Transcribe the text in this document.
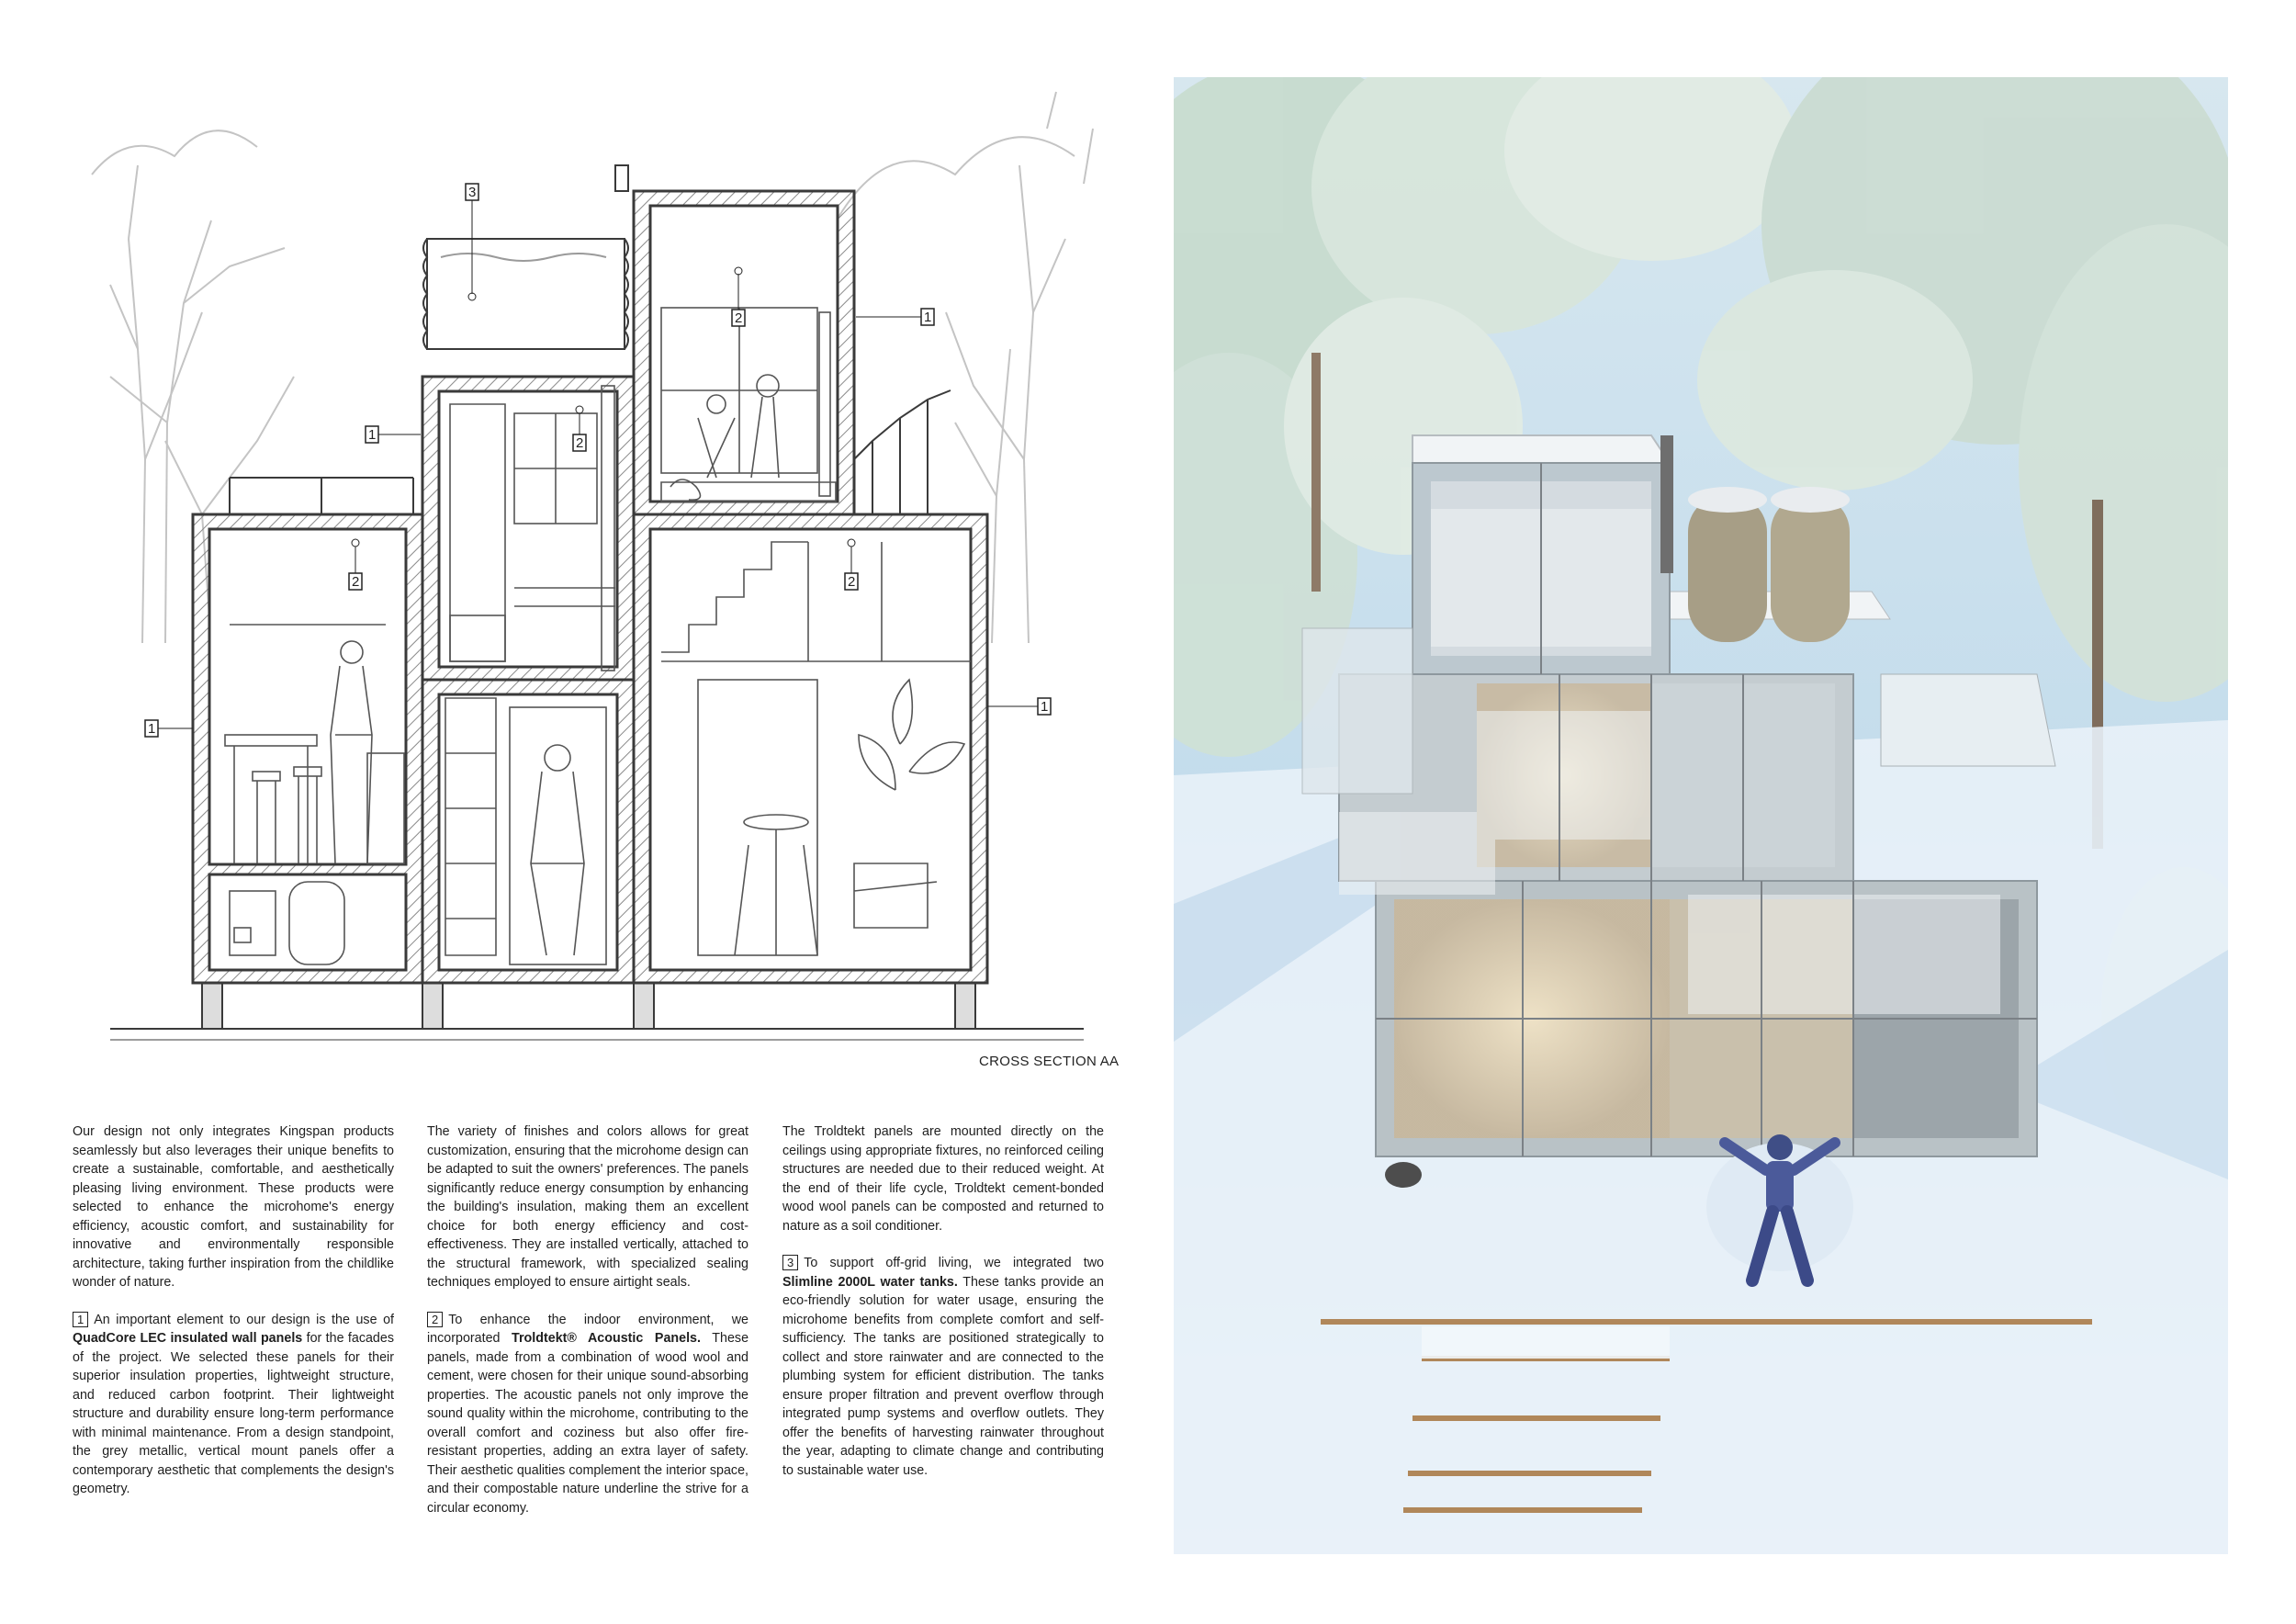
3
2	1
1
2
2	2
1
1
CROSS SECTION AA

Our design not only integrates Kingspan products seamlessly but also leverages their unique benefits to create a sustainable, comfortable, and aesthetically pleasing living environment. These products were selected to enhance the microhome's energy efficiency, acoustic comfort, and sustainability for innovative and environmentally responsible architecture, taking further inspiration from the childlike wonder of nature.

1 An important element to our design is the use of QuadCore LEC insulated wall panels for the facades of the project. We selected these panels for their superior insulation properties, lightweight structure, and reduced carbon footprint. Their lightweight structure and durability ensure long-term performance with minimal maintenance. From a design standpoint, the grey metallic, vertical mount panels offer a contemporary aesthetic that complements the design's geometry.

The variety of finishes and colors allows for great customization, ensuring that the microhome design can be adapted to suit the owners' preferences. The panels significantly reduce energy consumption by enhancing the building's insulation, making them an excellent choice for both energy efficiency and cost-effectiveness. They are installed vertically, attached to the structural framework, with specialized sealing techniques employed to ensure airtight seals.

2 To enhance the indoor environment, we incorporated Troldtekt® Acoustic Panels. These panels, made from a combination of wood wool and cement, were chosen for their unique sound-absorbing properties. The acoustic panels not only improve the sound quality within the microhome, contributing to the overall comfort and coziness but also offer fire-resistant properties, adding an extra layer of safety. Their aesthetic qualities complement the interior space, and their compostable nature underline the strive for a circular economy.

The Troldtekt panels are mounted directly on the ceilings using appropriate fixtures, no reinforced ceiling structures are needed due to their reduced weight. At the end of their life cycle, Troldtekt cement-bonded wood wool panels can be composted and returned to nature as a soil conditioner.

3 To support off-grid living, we integrated two Slimline 2000L water tanks. These tanks provide an eco-friendly solution for water usage, ensuring the microhome benefits from complete comfort and self-sufficiency. The tanks are positioned strategically to collect and store rainwater and are connected to the plumbing system for efficient distribution. The tanks ensure proper filtration and prevent overflow through integrated pump systems and overflow outlets. They offer the benefits of harvesting rainwater throughout the year, adapting to climate change and contributing to sustainable water use.
